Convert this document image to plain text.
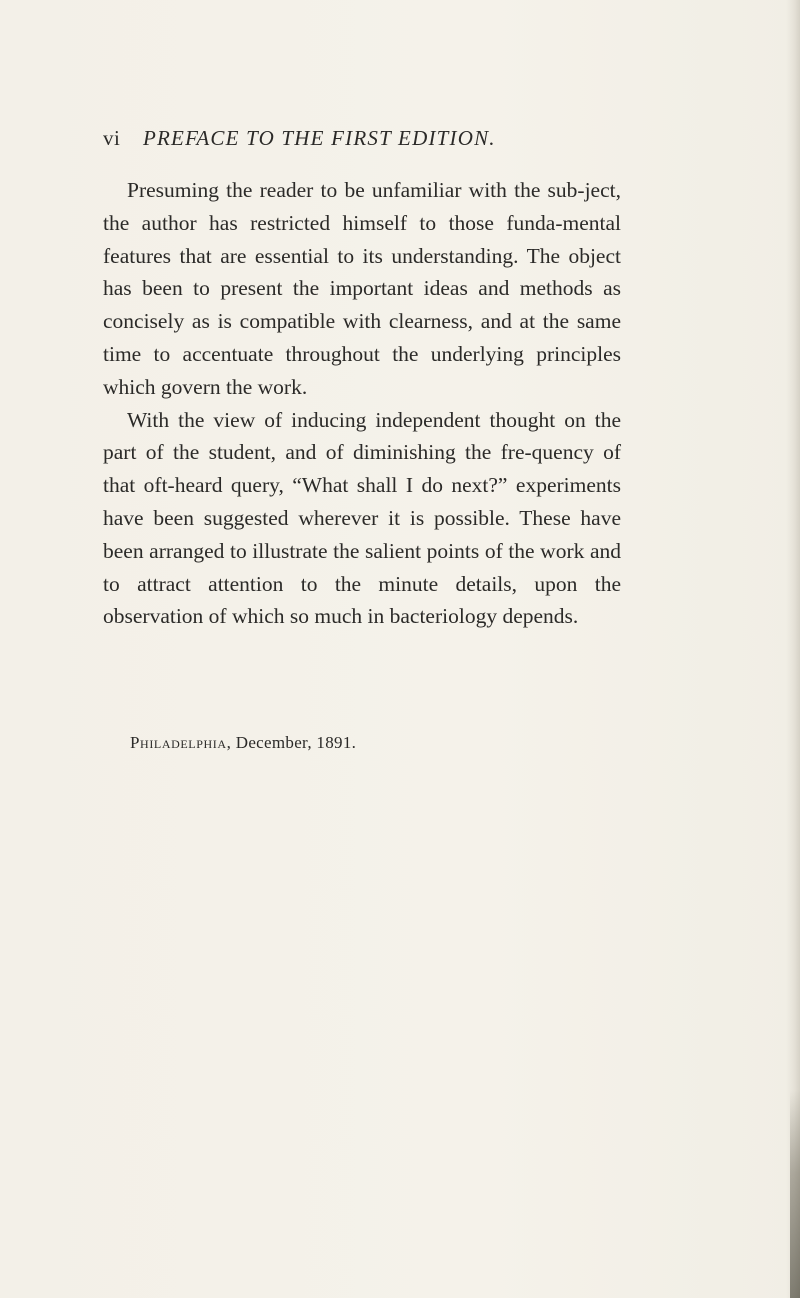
vi PREFACE TO THE FIRST EDITION.

Presuming the reader to be unfamiliar with the sub-ject, the author has restricted himself to those funda-mental features that are essential to its understanding. The object has been to present the important ideas and methods as concisely as is compatible with clearness, and at the same time to accentuate throughout the underlying principles which govern the work.

With the view of inducing independent thought on the part of the student, and of diminishing the fre-quency of that oft-heard query, “What shall I do next?” experiments have been suggested wherever it is possible. These have been arranged to illustrate the salient points of the work and to attract attention to the minute details, upon the observation of which so much in bacteriology depends.

Philadelphia, December, 1891.
